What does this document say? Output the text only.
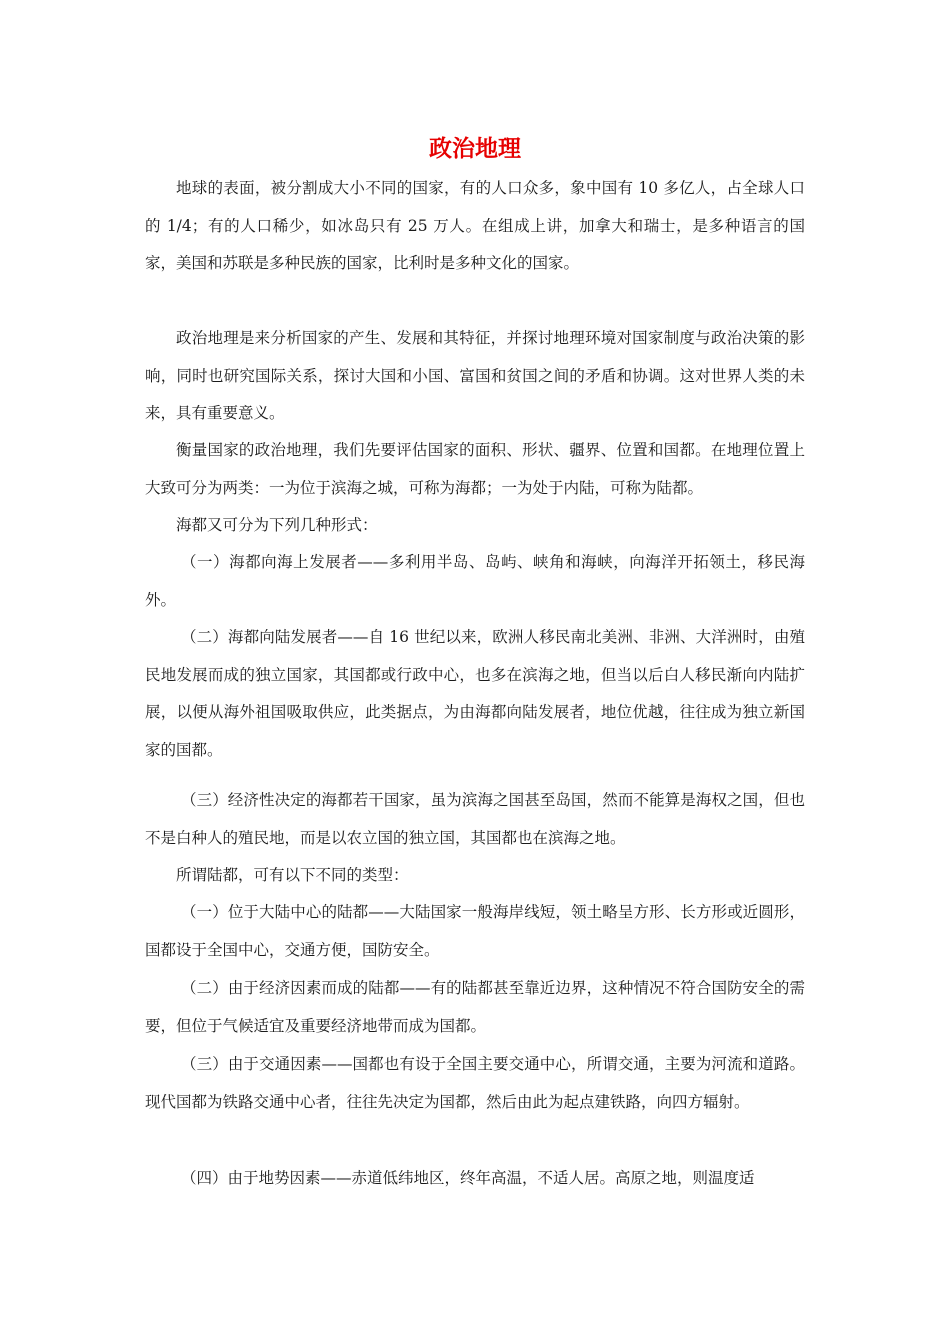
政治地理
地球的表面，被分割成大小不同的国家，有的人口众多，象中国有 10 多亿人，占全球人口的 1/4；有的人口稀少，如冰岛只有 25 万人。在组成上讲，加拿大和瑞士，是多种语言的国家，美国和苏联是多种民族的国家，比利时是多种文化的国家。
政治地理是来分析国家的产生、发展和其特征，并探讨地理环境对国家制度与政治决策的影响，同时也研究国际关系，探讨大国和小国、富国和贫国之间的矛盾和协调。这对世界人类的未来，具有重要意义。
衡量国家的政治地理，我们先要评估国家的面积、形状、疆界、位置和国都。在地理位置上大致可分为两类：一为位于滨海之城，可称为海都；一为处于内陆，可称为陆都。
海都又可分为下列几种形式：
（一）海都向海上发展者——多利用半岛、岛屿、峡角和海峡，向海洋开拓领土，移民海外。
（二）海都向陆发展者——自 16 世纪以来，欧洲人移民南北美洲、非洲、大洋洲时，由殖民地发展而成的独立国家，其国都或行政中心，也多在滨海之地，但当以后白人移民渐向内陆扩展，以便从海外祖国吸取供应，此类据点，为由海都向陆发展者，地位优越，往往成为独立新国家的国都。
（三）经济性决定的海都若干国家，虽为滨海之国甚至岛国，然而不能算是海权之国，但也不是白种人的殖民地，而是以农立国的独立国，其国都也在滨海之地。
所谓陆都，可有以下不同的类型：
（一）位于大陆中心的陆都——大陆国家一般海岸线短，领土略呈方形、长方形或近圆形，国都设于全国中心，交通方便，国防安全。
（二）由于经济因素而成的陆都——有的陆都甚至靠近边界，这种情况不符合国防安全的需要，但位于气候适宜及重要经济地带而成为国都。
（三）由于交通因素——国都也有设于全国主要交通中心，所谓交通，主要为河流和道路。现代国都为铁路交通中心者，往往先决定为国都，然后由此为起点建铁路，向四方辐射。
（四）由于地势因素——赤道低纬地区，终年高温，不适人居。高原之地，则温度适
